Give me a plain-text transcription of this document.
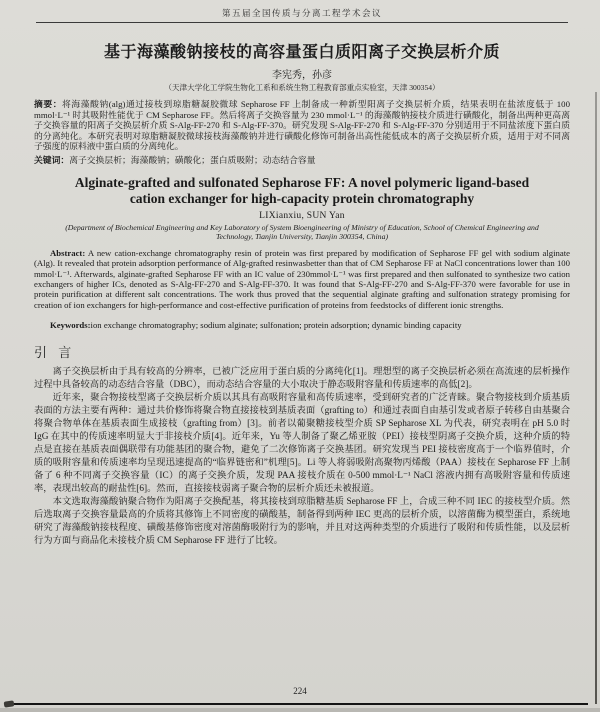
第五届全国传质与分离工程学术会议
基于海藻酸钠接枝的高容量蛋白质阳离子交换层析介质
李宪秀，孙彦
（天津大学化工学院生物化工系和系统生物工程教育部重点实验室，天津 300354）

摘要：将海藻酸钠(alg)通过接枝到琼脂糖凝胶微球 Sepharose FF 上制备成一种新型阳离子交换层析介质，结果表明在盐浓度低于 100 mmol·L⁻¹ 时其吸附性能优于 CM Sepharose FF。然后将离子交换容量为 230 mmol·L⁻¹ 的海藻酸钠接枝介质进行磺酸化，制备出两种更高离子交换容量的阳离子交换层析介质 S-Alg-FF-270 和 S-Alg-FF-370。研究发现 S-Alg-FF-270 和 S-Alg-FF-370 分别适用于不同盐浓度下蛋白质的分离纯化。本研究表明对琼脂糖凝胶微球接枝海藻酸钠并进行磺酸化修饰可制备出高性能低成本的离子交换层析介质，适用于对不同离子强度的原料液中蛋白质的分离纯化。

关键词：离子交换层析；海藻酸钠；磺酸化；蛋白质吸附；动态结合容量

Alginate-grafted and sulfonated Sepharose FF: A novel polymeric ligand-based cation exchanger for high-capacity protein chromatography
LIXianxiu, SUN Yan
(Department of Biochemical Engineering and Key Laboratory of System Bioengineering of Ministry of Education, School of Chemical Engineering and Technology, Tianjin University, Tianjin 300354, China)

Abstract: A new cation-exchange chromatography resin of protein was first prepared by modification of Sepharose FF gel with sodium alginate (Alg). It revealed that protein adsorption performance of Alg-grafted resinwasbetter than that of CM Sepharose FF at NaCl concentrations lower than 100 mmol·L⁻¹. Afterwards, alginate-grafted Sepharose FF with an IC value of 230mmol·L⁻¹ was first prepared and then sulfonated to synthesize two cation exchangers of higher ICs, denoted as S-Alg-FF-270 and S-Alg-FF-370. It was found that S-Alg-FF-270 and S-Alg-FF-370 were favorable for use in protein purification at different salt concentrations. The work thus proved that the sequential alginate grafting and sulfonation strategy promising for creation of ion exchangers for high-performance and cost-effective purification of proteins from feedstocks of different ionic strengths.

Keywords:ion exchange chromatography; sodium alginate; sulfonation; protein adsorption; dynamic binding capacity

引 言

离子交换层析由于具有较高的分辨率，已被广泛应用于蛋白质的分离纯化[1]。理想型的离子交换层析必须在高流速的层析操作过程中具备较高的动态结合容量（DBC），而动态结合容量的大小取决于静态吸附容量和传质速率的高低[2]。

近年来，聚合物接枝型离子交换层析介质以其具有高吸附容量和高传质速率，受到研究者的广泛青睐。聚合物接枝到介质基质表面的方法主要有两种：通过共价修饰将聚合物直接接枝到基质表面（grafting to）和通过表面自由基引发或者原子转移自由基聚合将聚合物单体在基质表面生成接枝（grafting from）[3]。前者以葡聚糖接枝型介质 SP Sepharose XL 为代表，研究表明在 pH 5.0 时 IgG 在其中的传质速率明显大于非接枝介质[4]。近年来，Yu 等人制备了聚乙烯亚胺（PEI）接枝型阴离子交换介质，这种介质的特点是直接在基质表面偶联带有功能基团的聚合物，避免了二次修饰离子交换基团。研究发现当 PEI 接枝密度高于一个临界值时，介质的吸附容量和传质速率均呈现迅速提高的“临界链密和”机理[5]。Li 等人将弱吸附高聚物丙烯酸（PAA）接枝在 Sepharose FF 上制备了 6 种不同离子交换容量（IC）的离子交换介质，发现 PAA 接枝介质在 0-500 mmol·L⁻¹ NaCl 溶液内拥有高吸附容量和传质速率，表现出较高的耐盐性[6]。然而，直接接枝弱离子聚合物的层析介质还未被报道。

本文选取海藻酸钠聚合物作为阳离子交换配基，将其接枝到琼脂糖基质 Sepharose FF 上，合成三种不同 IEC 的接枝型介质。然后选取离子交换容量最高的介质将其修饰上不同密度的磺酸基，制备得到两种 IEC 更高的层析介质，以溶菌酶为模型蛋白，系统地研究了海藻酸钠接枝程度、磺酸基修饰密度对溶菌酶吸附行为的影响，并且对这两种类型的介质进行了吸附和传质性能，以及层析行为方面与商品化未接枝介质 CM Sepharose FF 进行了比较。

224
